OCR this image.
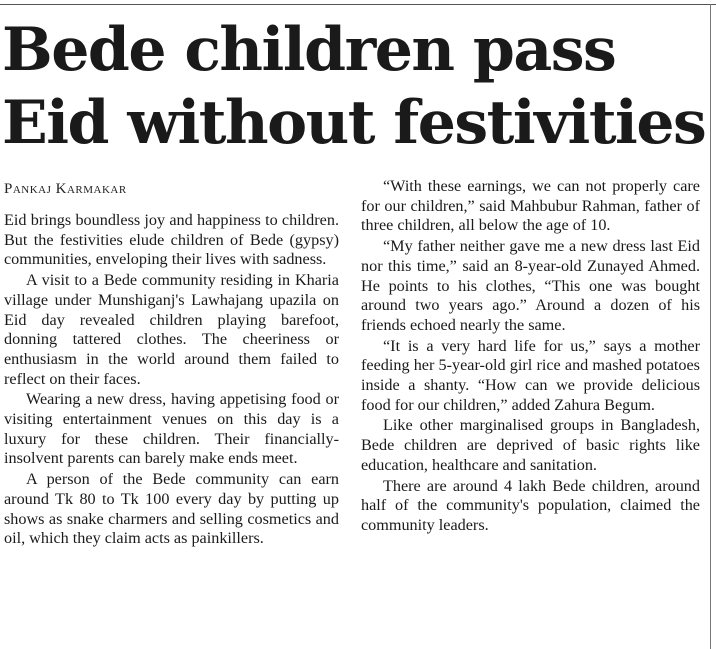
Bede children pass Eid without festivities
Pankaj Karmakar

Eid brings boundless joy and happiness to children. But the festivities elude children of Bede (gypsy) communities, enveloping their lives with sadness.

A visit to a Bede community residing in Kharia village under Munshiganj's Lawhajang upazila on Eid day revealed children playing barefoot, donning tattered clothes. The cheeriness or enthusiasm in the world around them failed to reflect on their faces.

Wearing a new dress, having appetising food or visiting entertainment venues on this day is a luxury for these children. Their financially-insolvent parents can barely make ends meet.

A person of the Bede community can earn around Tk 80 to Tk 100 every day by putting up shows as snake charmers and selling cosmetics and oil, which they claim acts as painkillers.

“With these earnings, we can not properly care for our children,” said Mahbubur Rahman, father of three children, all below the age of 10.

“My father neither gave me a new dress last Eid nor this time,” said an 8-year-old Zunayed Ahmed. He points to his clothes, “This one was bought around two years ago.” Around a dozen of his friends echoed nearly the same.

“It is a very hard life for us,” says a mother feeding her 5-year-old girl rice and mashed potatoes inside a shanty. “How can we provide delicious food for our children,” added Zahura Begum.

Like other marginalised groups in Bangladesh, Bede children are deprived of basic rights like education, healthcare and sanitation.

There are around 4 lakh Bede children, around half of the community's population, claimed the community leaders.
